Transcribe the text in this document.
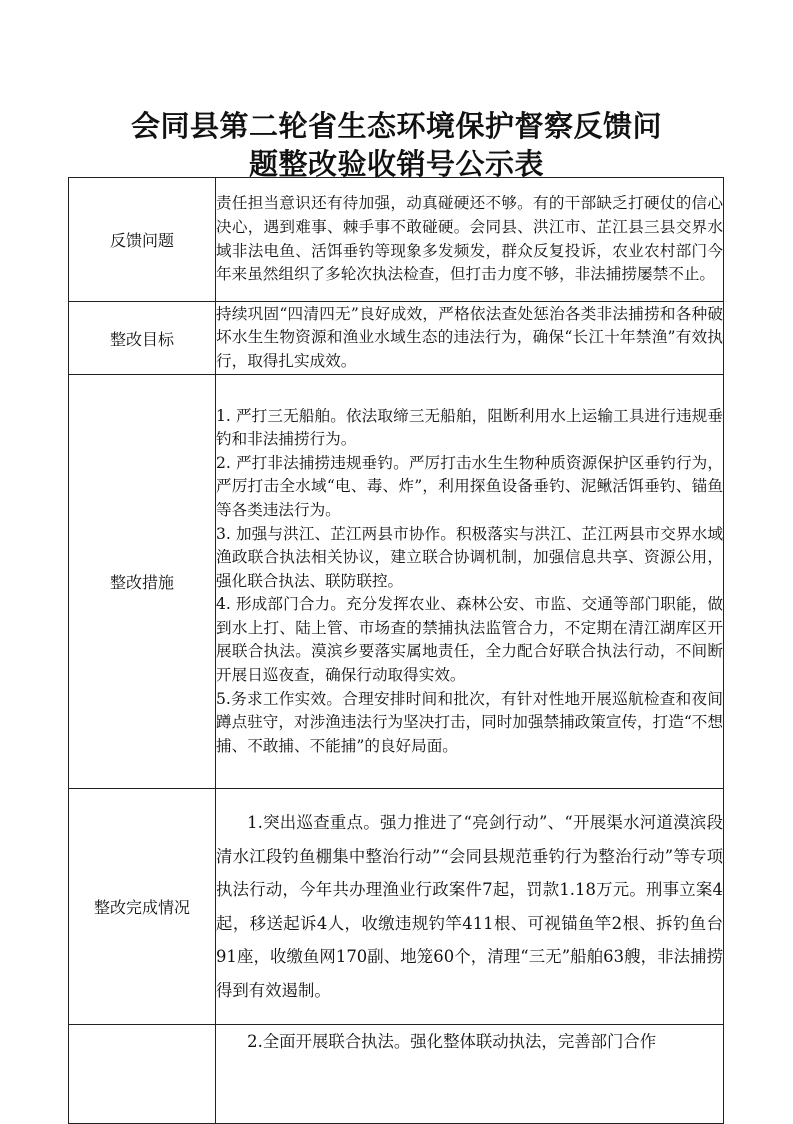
会同县第二轮省生态环境保护督察反馈问
题整改验收销号公示表
反馈问题	责任担当意识还有待加强，动真碰硬还不够。有的干部缺乏打硬仗的信心决心，遇到难事、棘手事不敢碰硬。会同县、洪江市、芷江县三县交界水域非法电鱼、活饵垂钓等现象多发频发，群众反复投诉，农业农村部门今年来虽然组织了多轮次执法检查，但打击力度不够，非法捕捞屡禁不止。

整改目标	持续巩固“四清四无”良好成效，严格依法查处惩治各类非法捕捞和各种破坏水生生物资源和渔业水域生态的违法行为，确保“长江十年禁渔”有效执行，取得扎实成效。

整改措施	1. 严打三无船舶。依法取缔三无船舶，阻断利用水上运输工具进行违规垂钓和非法捕捞行为。

2. 严打非法捕捞违规垂钓。严厉打击水生生物种质资源保护区垂钓行为，严厉打击全水域“电、毒、炸”，利用探鱼设备垂钓、泥鳅活饵垂钓、锚鱼等各类违法行为。

3. 加强与洪江、芷江两县市协作。积极落实与洪江、芷江两县市交界水域渔政联合执法相关协议，建立联合协调机制，加强信息共享、资源公用，强化联合执法、联防联控。

4. 形成部门合力。充分发挥农业、森林公安、市监、交通等部门职能，做到水上打、陆上管、市场查的禁捕执法监管合力，不定期在清江湖库区开展联合执法。漠滨乡要落实属地责任，全力配合好联合执法行动，不间断开展日巡夜查，确保行动取得实效。

5.务求工作实效。合理安排时间和批次，有针对性地开展巡航检查和夜间蹲点驻守，对涉渔违法行为坚决打击，同时加强禁捕政策宣传，打造“不想捕、不敢捕、不能捕”的良好局面。

整改完成情况	1.突出巡查重点。强力推进了“亮剑行动”、“开展渠水河道漠滨段清水江段钓鱼棚集中整治行动”“会同县规范垂钓行为整治行动”等专项执法行动，今年共办理渔业行政案件7起，罚款1.18万元。刑事立案4起，移送起诉4人，收缴违规钓竿411根、可视锚鱼竿2根、拆钓鱼台91座，收缴鱼网170副、地笼60个，清理“三无”船舶63艘，非法捕捞得到有效遏制。

	2.全面开展联合执法。强化整体联动执法，完善部门合作
